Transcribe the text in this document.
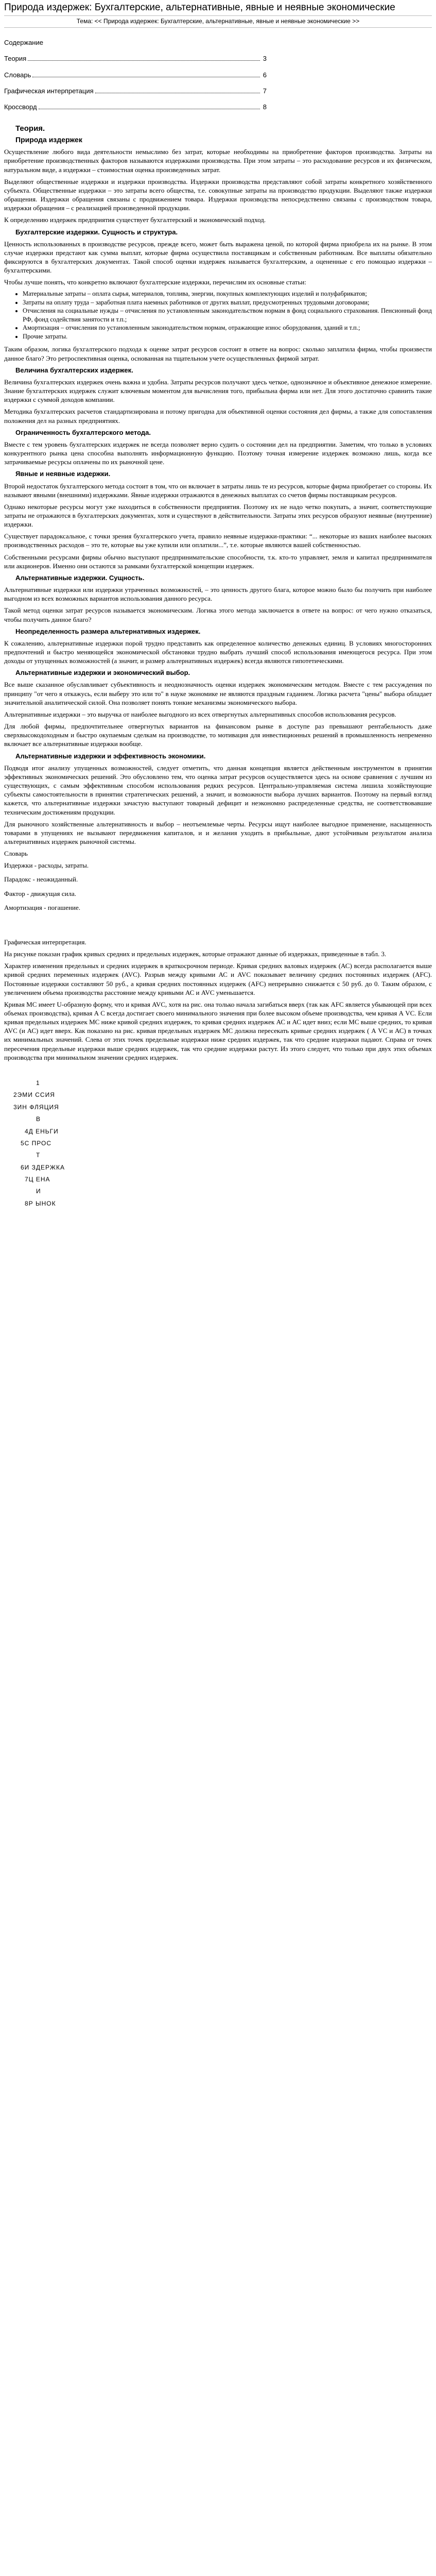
Природа издержек: Бухгалтерские, альтернативные, явные и неявные экономические
Тема: << Природа издержек: Бухгалтерские, альтернативные, явные и неявные экономические >>
Содержание
Теория	3
Словарь	6
Графическая интерпретация	7
Кроссворд	8
Теория.
Природа издержек

Осуществление любого вида деятельности немыслимо без затрат, которые необходимы на приобретение факторов производства. Затраты на приобретение производственных факторов называются издержками производства. При этом затраты – это расходование ресурсов и их физическом, натуральном виде, а издержки – стоимостная оценка произведенных затрат.

Выделяют общественные издержки и издержки производства. Издержки производства представляют собой затраты конкретного хозяйственного субъекта. Общественные издержки – это затраты всего общества, т.е. совокупные затраты на производство продукции. Выделяют также издержки обращения. Издержки обращения связаны с продвижением товара. Издержки производства непосредственно связаны с производством товара, издержки обращения – с реализацией произведенной продукции.

К определению издержек предприятия существует бухгалтерский и экономический подход.

Бухгалтерские издержки. Сущность и структура.

Ценность использованных в производстве ресурсов, прежде всего, может быть выражена ценой, по которой фирма приобрела их на рынке. В этом случае издержки предстают как сумма выплат, которые фирма осуществила поставщикам и собственным работникам. Все выплаты обязательно фиксируются в бухгалтерских документах. Такой способ оценки издержек называется бухгалтерским, а оцененные с его помощью издержки – бухгалтерскими.

Чтобы лучше понять, что конкретно включают бухгалтерские издержки, перечислим их основные статьи:

• Материальные затраты – оплата сырья, материалов, топлива, энергии, покупных комплектующих изделий и полуфабрикатов;
• Затраты на оплату труда – заработная плата наемных работников от других выплат, предусмотренных трудовыми договорами;
• Отчисления на социальные нужды – отчисления по установленным законодательством нормам в фонд социального страхования. Пенсионный фонд РФ, фонд содействия занятости и т.п.;
• Амортизация – отчисления по установленным законодательством нормам, отражающие износ оборудования, зданий и т.п.;
• Прочие затраты.

Таким образом, логика бухгалтерского подхода к оценке затрат ресурсов состоит в ответе на вопрос: сколько заплатила фирма, чтобы произвести данное благо? Это ретроспективная оценка, основанная на тщательном учете осуществленных фирмой затрат.

Величина бухгалтерских издержек.

Величина бухгалтерских издержек очень важна и удобна. Затраты ресурсов получают здесь четкое, однозначное и объективное денежное измерение. Знание бухгалтерских издержек служит ключевым моментом для вычисления того, прибыльна фирма или нет. Для этого достаточно сравнить такие издержки с суммой доходов компании.

Методика бухгалтерских расчетов стандартизирована и потому пригодна для объективной оценки состояния дел фирмы, а также для сопоставления положения дел на разных предприятиях.

Ограниченность бухгалтерского метода.

Вместе с тем уровень бухгалтерских издержек не всегда позволяет верно судить о состоянии дел на предприятии. Заметим, что только в условиях конкурентного рынка цена способна выполнять информационную функцию. Поэтому точная измерение издержек возможно лишь, когда все затрачиваемые ресурсы оплачены по их рыночной цене.

Явные и неявные издержки.

Второй недостаток бухгалтерского метода состоит в том, что он включает в затраты лишь те из ресурсов, которые фирма приобретает со стороны. Их называют явными (внешними) издержками. Явные издержки отражаются в денежных выплатах со счетов фирмы поставщикам ресурсов.

Однако некоторые ресурсы могут уже находиться в собственности предприятия. Поэтому их не надо четко покупать, а значит, соответствующие затраты не отражаются в бухгалтерских документах, хотя и существуют в действительности. Затраты этих ресурсов образуют неявные (внутренние) издержки.

Существует парадоксальное, с точки зрения бухгалтерского учета, правило неявные издержки-практики: “... некоторые из ваших наиболее высоких производственных расходов – это те, которые вы уже купили или оплатили...”, т.е. которые являются вашей собственностью.

Собственными ресурсами фирмы обычно выступают предпринимательские способности, т.к. кто-то управляет, земля и капитал предпринимателя или акционеров. Именно они остаются за рамками бухгалтерской концепции издержек.

Альтернативные издержки. Сущность.

Альтернативные издержки или издержки утраченных возможностей, – это ценность другого блага, которое можно было бы получить при наиболее выгодном из всех возможных вариантов использования данного ресурса.

Такой метод оценки затрат ресурсов называется экономическим. Логика этого метода заключается в ответе на вопрос: от чего нужно отказаться, чтобы получить данное благо?

Неопределенность размера альтернативных издержек.

К сожалению, альтернативные издержки порой трудно представить как определенное количество денежных единиц. В условиях многосторонних предпочтений и быстро меняющейся экономической обстановки трудно выбрать лучший способ использования имеющегося ресурса. При этом доходы от упущенных возможностей (а значит, и размер альтернативных издержек) всегда являются гипотетическими.

Альтернативные издержки и экономический выбор.

Все выше сказанное обуславливает субъективность и неоднозначность оценки издержек экономическим методом. Вместе с тем рассуждения по принципу "от чего я откажусь, если выберу это или то" в науке экономике не являются праздным гаданием. Логика расчета "цены" выбора обладает значительной аналитической силой. Она позволяет понять тонкие механизмы экономического выбора.

Альтернативные издержки – это выручка от наиболее выгодного из всех отвергнутых альтернативных способов использования ресурсов.

Для любой фирмы, предпочтительнее отвергнутых вариантов на финансовом рынке в доступе раз превышают рентабельность даже сверхвысокодоходным и быстро окупаемым сделкам на производстве, то мотивация для инвестиционных решений в промышленность непременно включает все альтернативные издержки вообще.

Альтернативные издержки и эффективность экономики.

Подводя итог анализу упущенных возможностей, следует отметить, что данная концепция является действенным инструментом в принятии эффективных экономических решений. Это обусловлено тем, что оценка затрат ресурсов осуществляется здесь на основе сравнения с лучшим из существующих, с самым эффективным способом использования редких ресурсов. Центрально-управляемая система лишила хозяйствующие субъекты самостоятельности в принятии стратегических решений, а значит, и возможности выбора лучших вариантов. Поэтому на первый взгляд кажется, что альтернативные издержки зачастую выступают товарный дефицит и неэкономно распределенные средства, не соответствовавшие техническим достижениям продукции.

Для рыночного хозяйственные альтернативность и выбор – неотъемлемые черты. Ресурсы ищут наиболее выгодное применение, насыщенность товарами в упущениях не вызывают передвижения капиталов, и и желания уходить в прибыльные, дают устойчивым результатом анализа альтернативных издержек рыночной системы.

Словарь

Издержки - расходы, затраты.

Парадокс - неожиданный.

Фактор - движущая сила.

Амортизация - погашение.

Графическая интерпретация.

На рисунке показан график кривых средних и предельных издержек, которые отражают данные об издержках, приведенные в табл. 3.

Характер изменения предельных и средних издержек в краткосрочном периоде. Кривая средних валовых издержек (АС) всегда располагается выше кривой средних переменных издержек (AVC). Разрыв между кривыми АС и AVC показывает величину средних постоянных издержек (AFC). Постоянные издержки составляют 50 руб., а кривая средних постоянных издержек (AFC) непрерывно снижается с 50 руб. до 0. Таким образом, с увеличением объема производства расстояние между кривыми АС и AVC уменьшается.

Кривая МС имеет U-образную форму, что и кривая AVC, хотя на рис. она только начала загибаться вверх (так как АFC является убывающей при всех объемах производства), кривая А С всегда достигает своего минимального значения при более высоком объеме производства, чем кривая А VC. Если кривая предельных издержек МС ниже кривой средних издержек, то кривая средних издержек АС и АС идет вниз; если МС выше средних, то кривая AVC (и АС) идет вверх. Как показано на рис. кривая предельных издержек МС должна пересекать кривые средних издержек ( А VC и АС) в точках их минимальных значений. Слева от этих точек предельные издержки ниже средних издержек, так что средние издержки падают. Справа от точек пересечения предельные издержки выше средних издержек, так что средние издержки растут. Из этого следует, что только при двух этих объемах производства при минимальном значении средних издержек.

1
2ЭМИ ССИЯ
3ИН ФЛЯЦИЯ
В
4Д ЕНЬГИ
5С ПРОС
Т
6И ЗДЕРЖКА
7Ц ЕНА
И
8Р ЫНОК
